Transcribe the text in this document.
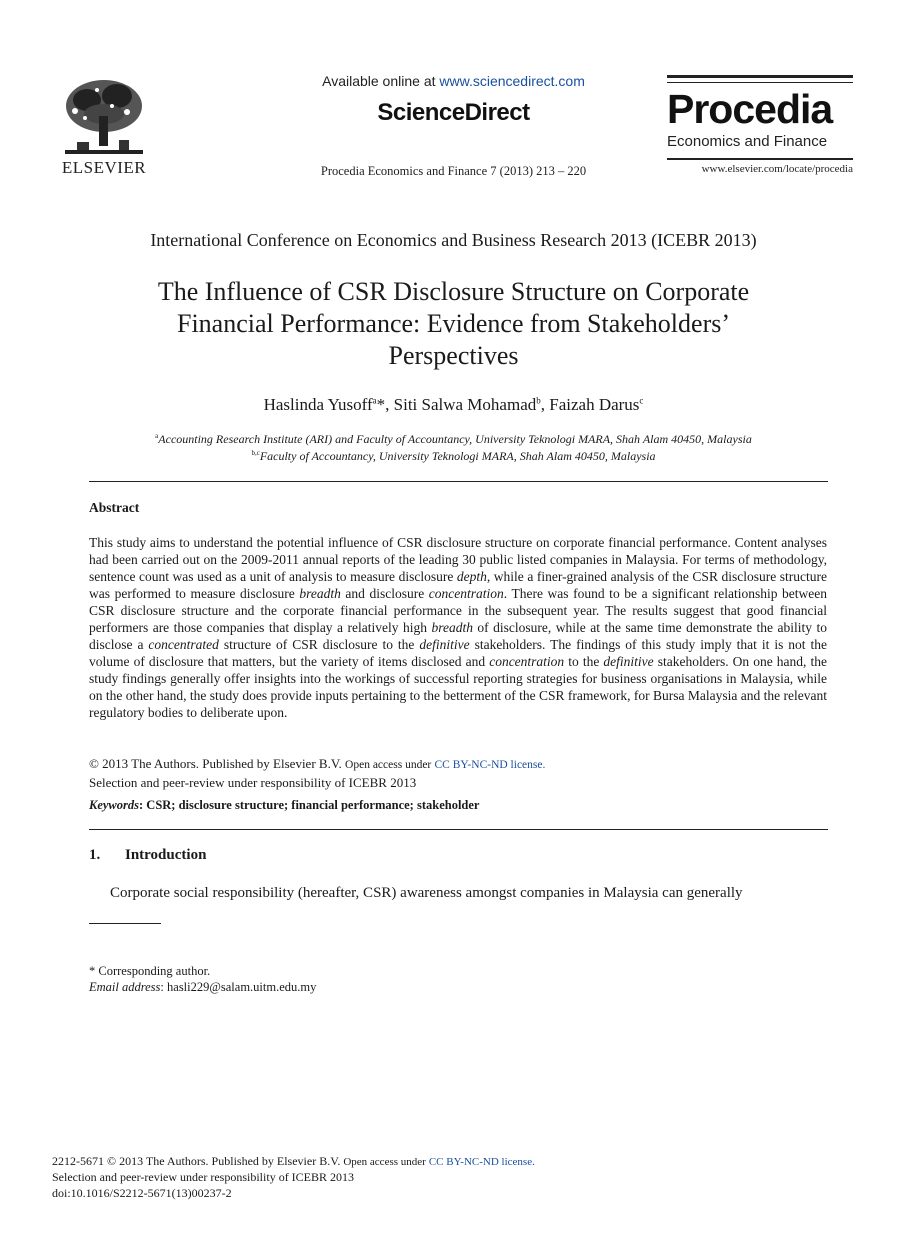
ELSEVIER
Available online at www.sciencedirect.com
ScienceDirect
Procedia Economics and Finance 7 (2013) 213 – 220
Procedia
Economics and Finance
www.elsevier.com/locate/procedia
International Conference on Economics and Business Research 2013 (ICEBR 2013)
The Influence of CSR Disclosure Structure on Corporate
Financial Performance: Evidence from Stakeholders’
Perspectives
Haslinda Yusoff$^a$*, Siti Salwa Mohamad$^b$, Faizah Darus$^c$
$^a$Accounting Research Institute (ARI) and Faculty of Accountancy, University Teknologi MARA, Shah Alam 40450, Malaysia
$^{b,c}$Faculty of Accountancy, University Teknologi MARA, Shah Alam 40450, Malaysia
Abstract
This study aims to understand the potential influence of CSR disclosure structure on corporate financial performance. Content analyses had been carried out on the 2009-2011 annual reports of the leading 30 public listed companies in Malaysia. For terms of methodology, sentence count was used as a unit of analysis to measure disclosure depth, while a finer-grained analysis of the CSR disclosure structure was performed to measure disclosure breadth and disclosure concentration. There was found to be a significant relationship between CSR disclosure structure and the corporate financial performance in the subsequent year. The results suggest that good financial performers are those companies that display a relatively high breadth of disclosure, while at the same time demonstrate the ability to disclose a concentrated structure of CSR disclosure to the definitive stakeholders. The findings of this study imply that it is not the volume of disclosure that matters, but the variety of items disclosed and concentration to the definitive stakeholders. On one hand, the study findings generally offer insights into the workings of successful reporting strategies for business organisations in Malaysia, while on the other hand, the study does provide inputs pertaining to the betterment of the CSR framework, for Bursa Malaysia and the relevant regulatory bodies to deliberate upon.
© 2013 The Authors. Published by Elsevier B.V. Open access under CC BY-NC-ND license.
Selection and peer-review under responsibility of ICEBR 2013
Keywords: CSR; disclosure structure; financial performance; stakeholder
1. Introduction
Corporate social responsibility (hereafter, CSR) awareness amongst companies in Malaysia can generally
* Corresponding author.
Email address: hasli229@salam.uitm.edu.my
2212-5671 © 2013 The Authors. Published by Elsevier B.V. Open access under CC BY-NC-ND license.
Selection and peer-review under responsibility of ICEBR 2013
doi:10.1016/S2212-5671(13)00237-2
